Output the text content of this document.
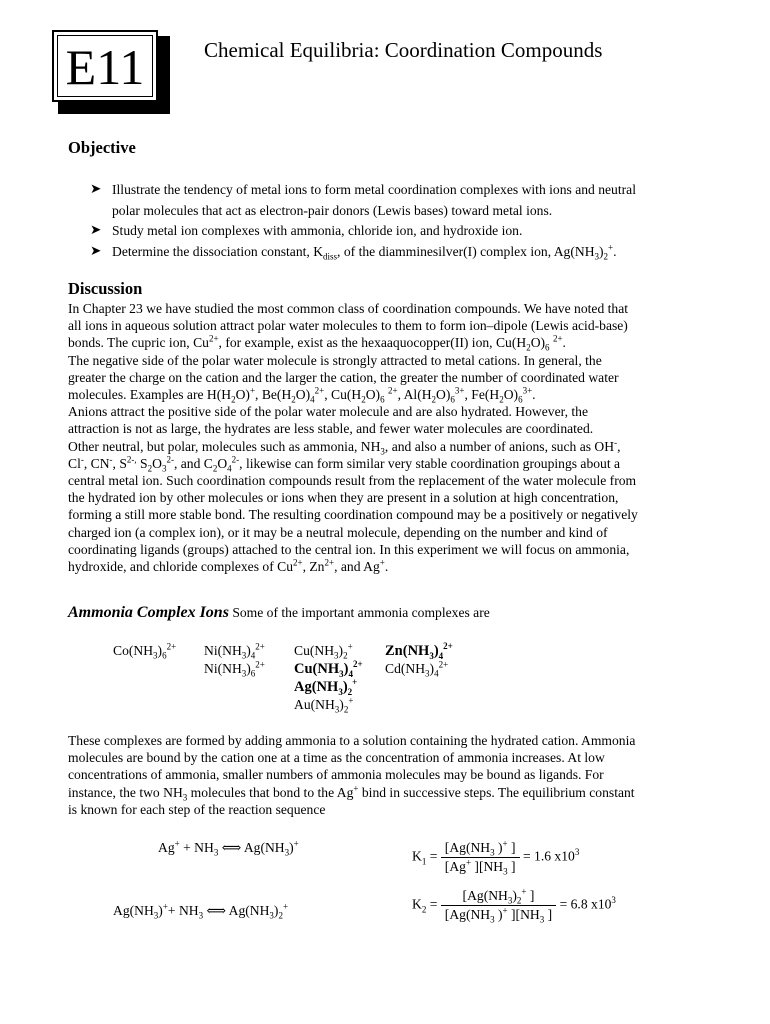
E11	Chemical Equilibria: Coordination Compounds
Objective
➤ Illustrate the tendency of metal ions to form metal coordination complexes with ions and neutral
polar molecules that act as electron-pair donors (Lewis bases) toward metal ions.
➤ Study metal ion complexes with ammonia, chloride ion, and hydroxide ion.
➤ Determine the dissociation constant, $K_{diss}$, of the diamminesilver(I) complex ion, $Ag(NH_3)_2^+$.
Discussion
In Chapter 23 we have studied the most common class of coordination compounds. We have noted that
all ions in aqueous solution attract polar water molecules to them to form ion–dipole (Lewis acid-base)
bonds. The cupric ion, $Cu^{2+}$, for example, exist as the hexaaquocopper(II) ion, $Cu(H_2O)_6$ $^{2+}$.
The negative side of the polar water molecule is strongly attracted to metal cations. In general, the
greater the charge on the cation and the larger the cation, the greater the number of coordinated water
molecules. Examples are $H(H_2O)^+$, $Be(H_2O)_4^{2+}$, $Cu(H_2O)_6$ $^{2+}$, $Al(H_2O)_6^{3+}$, $Fe(H_2O)_6^{3+}$.
Anions attract the positive side of the polar water molecule and are also hydrated. However, the
attraction is not as large, the hydrates are less stable, and fewer water molecules are coordinated.
Other neutral, but polar, molecules such as ammonia, $NH_3$, and also a number of anions, such as OH-,
Cl-, CN-, $S^{2-,}$ $S_2O_3^{2-}$, and $C_2O_4^{2-}$, likewise can form similar very stable coordination groupings about a
central metal ion. Such coordination compounds result from the replacement of the water molecule from
the hydrated ion by other molecules or ions when they are present in a solution at high concentration,
forming a still more stable bond. The resulting coordination compound may be a positively or negatively
charged ion (a complex ion), or it may be a neutral molecule, depending on the number and kind of
coordinating ligands (groups) attached to the central ion. In this experiment we will focus on ammonia,
hydroxide, and chloride complexes of $Cu^{2+}$, $Zn^{2+}$, and Ag+.
Ammonia Complex Ions Some of the important ammonia complexes are
$Co(NH_3)_6^{2+}$ $Ni(NH_3)_4^{2+}$
$Ni(NH_3)_6^{2+}$
$Cu(NH_3)_2^+$
$Cu(NH_3)_4^{2+}$
$Ag(NH_3)_2^+$
$Au(NH_3)_2^+$
$Zn(NH_3)_4^{2+}$
$Cd(NH_3)_4^{2+}$
These complexes are formed by adding ammonia to a solution containing the hydrated cation. Ammonia
molecules are bound by the cation one at a time as the concentration of ammonia increases. At low
concentrations of ammonia, smaller numbers of ammonia molecules may be bound as ligands. For
instance, the two $NH_3$ molecules that bond to the Ag+ bind in successive steps. The equilibrium constant
is known for each step of the reaction sequence
$Ag^+ + NH_3$ ⟺ $Ag(NH_3)^+$
$Ag(NH_3)^++ NH_3$ ⟺ $Ag(NH_3)_2^+$
$K_1 = \frac{[Ag(NH_3 )^+ ]}{[Ag^+ ][NH_3 ]} = 1.6$ $x10^3$
$K_2 = \frac{[Ag(NH_3)_2^+ ]}{[Ag(NH_3 )^+ ][NH_3 ]} = 6.8$ $x10^3$
